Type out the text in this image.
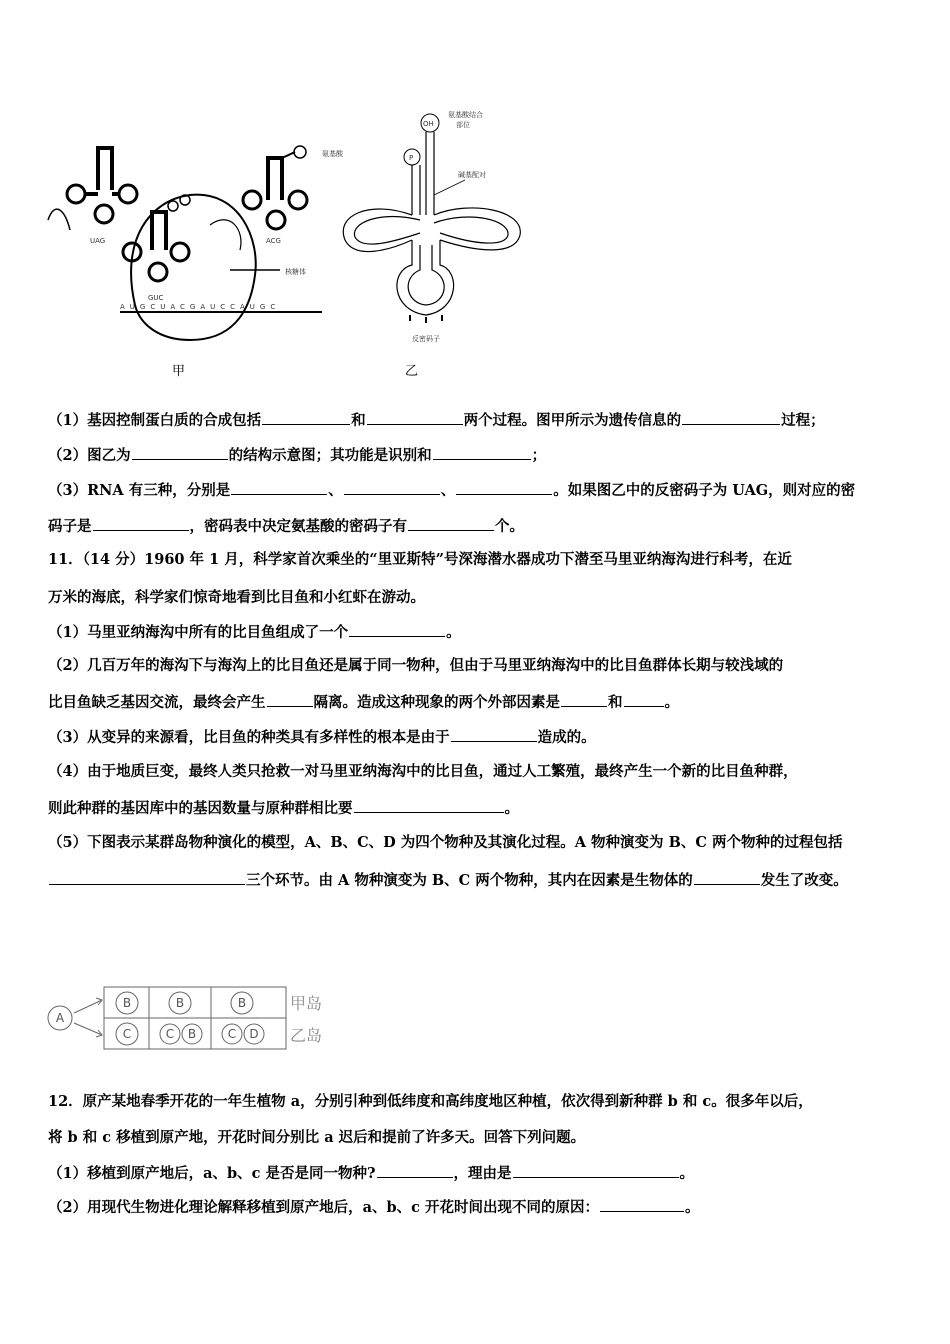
核糖体
AUGCUACGAUCCAUGC
UAG
GUC
氨基酸
ACG
甲
OH
氨基酸结合
部位
P
碱基配对
反密码子
乙
（1）基因控制蛋白质的合成包括	和	两个过程。图甲所示为遗传信息的	过程；
（2）图乙为	的结构示意图；其功能是识别和	；
（3）RNA 有三种，分别是	、	、	。如果图乙中的反密码子为 UAG，则对应的密
码子是	，密码表中决定氨基酸的密码子有	个。
11．（14 分）1960 年 1 月，科学家首次乘坐的“里亚斯特”号深海潜水器成功下潜至马里亚纳海沟进行科考，在近
万米的海底，科学家们惊奇地看到比目鱼和小红虾在游动。
（1）马里亚纳海沟中所有的比目鱼组成了一个	。
（2）几百万年的海沟下与海沟上的比目鱼还是属于同一物种，但由于马里亚纳海沟中的比目鱼群体长期与较浅域的
比目鱼缺乏基因交流，最终会产生	隔离。造成这种现象的两个外部因素是	和	。
（3）从变异的来源看，比目鱼的种类具有多样性的根本是由于	造成的。
（4）由于地质巨变，最终人类只抢救一对马里亚纳海沟中的比目鱼，通过人工繁殖，最终产生一个新的比目鱼种群，
则此种群的基因库中的基因数量与原种群相比要	。
（5）下图表示某群岛物种演化的模型，A、B、C、D 为四个物种及其演化过程。A 物种演变为 B、C 两个物种的过程包括
三个环节。由 A 物种演变为 B、C 两个物种，其内在因素是生物体的	发生了改变。
A
B	B	B
C	C B	C D
甲岛
乙岛
12．原产某地春季开花的一年生植物 a，分别引种到低纬度和高纬度地区种植，依次得到新种群 b 和 c。很多年以后，
将 b 和 c 移植到原产地，开花时间分别比 a 迟后和提前了许多天。回答下列问题。
（1）移植到原产地后，a、b、c 是否是同一物种?	，理由是	。
（2）用现代生物进化理论解释移植到原产地后，a、b、c 开花时间出现不同的原因：	。
